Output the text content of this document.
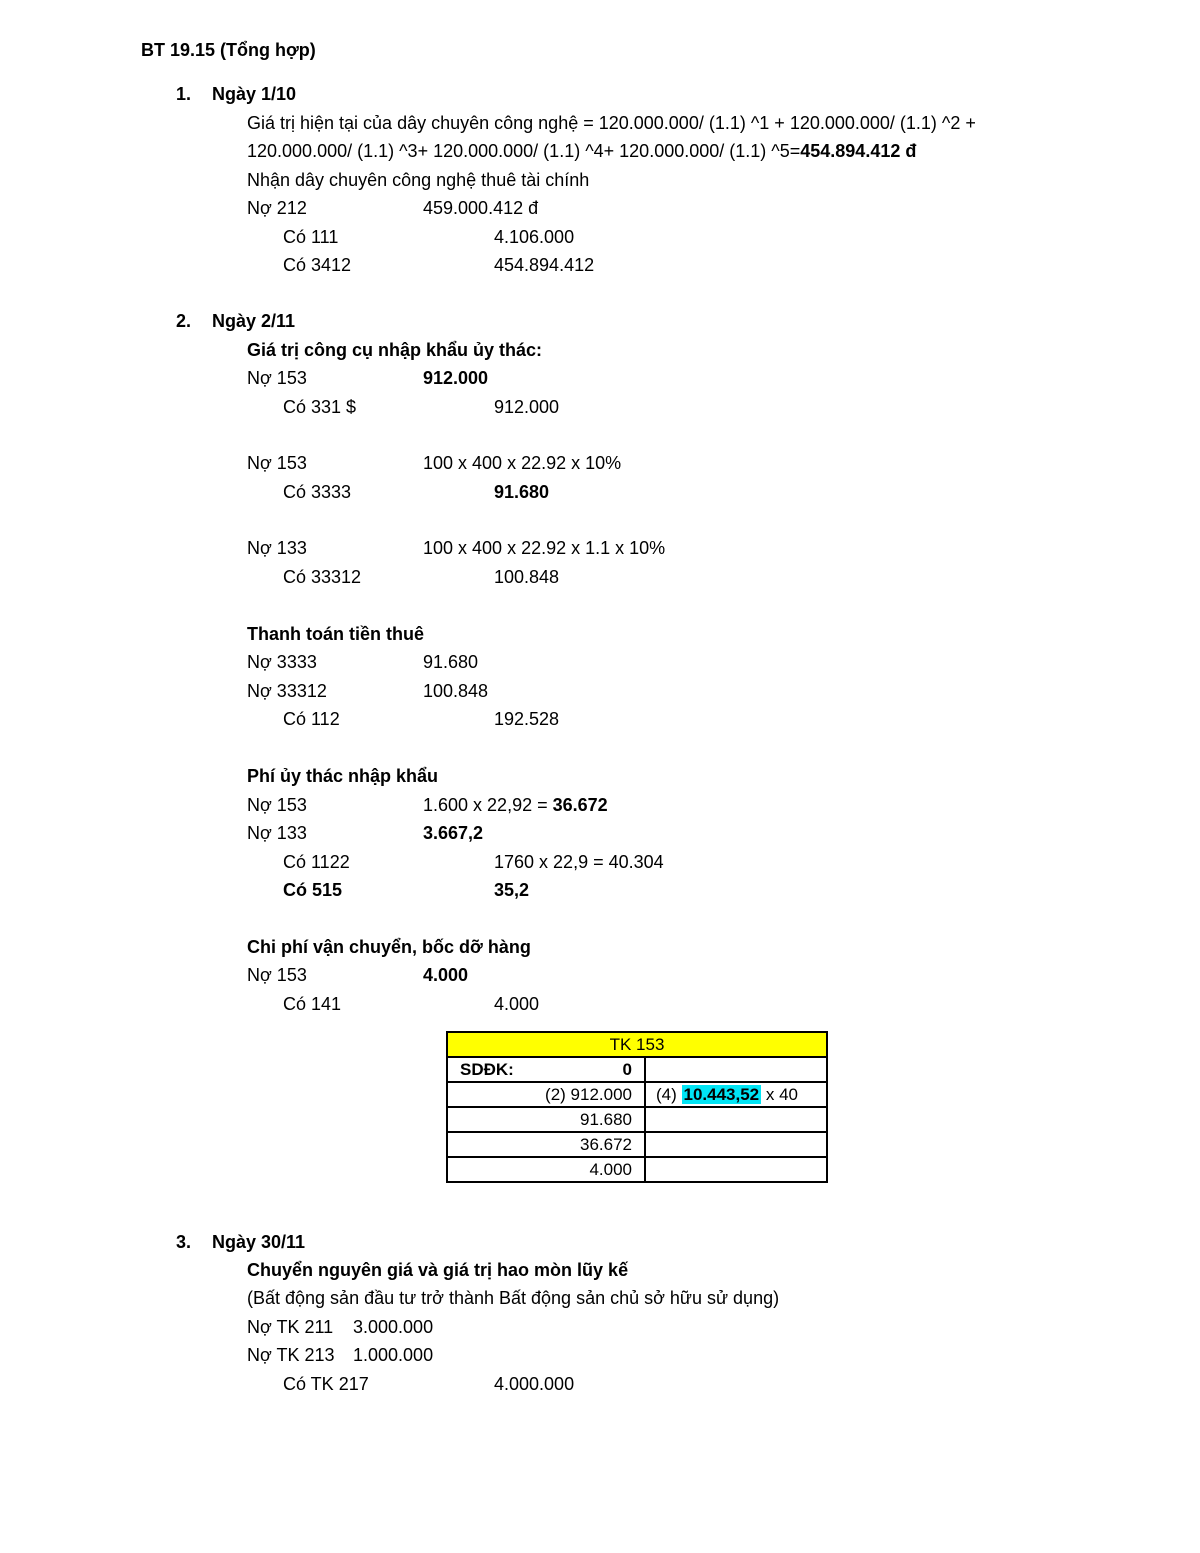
BT 19.15 (Tổng hợp)
1. Ngày 1/10
Giá trị hiện tại của dây chuyên công nghệ = 120.000.000/ (1.1) ^1 + 120.000.000/ (1.1) ^2 +
120.000.000/ (1.1) ^3+ 120.000.000/ (1.1) ^4+ 120.000.000/ (1.1) ^5=454.894.412 đ
Nhận dây chuyên công nghệ thuê tài chính
Nợ 212	459.000.412 đ
Có 111	4.106.000
Có 3412	454.894.412
2. Ngày 2/11
Giá trị công cụ nhập khẩu ủy thác:
Nợ 153	912.000
Có 331 $	912.000
Nợ 153	100 x 400 x 22.92 x 10%
Có 3333	91.680
Nợ 133	100 x 400 x 22.92 x 1.1 x 10%
Có 33312	100.848
Thanh toán tiền thuê
Nợ 3333	91.680
Nợ 33312	100.848
Có 112	192.528
Phí ủy thác nhập khẩu
Nợ 153	1.600 x 22,92 = 36.672
Nợ 133	3.667,2
Có 1122	1760 x 22,9 = 40.304
Có 515	35,2
Chi phí vận chuyển, bốc dỡ hàng
Nợ 153	4.000
Có 141	4.000
TK 153	

SDĐK: 0	

(2) 912.000	(4) 10.443,52 x 40
91.680	
36.672	
4.000	
3. Ngày 30/11
Chuyển nguyên giá và giá trị hao mòn lũy kế
(Bất động sản đầu tư trở thành Bất động sản chủ sở hữu sử dụng)
Nợ TK 211 3.000.000
Nợ TK 213 1.000.000
Có TK 217	4.000.000
